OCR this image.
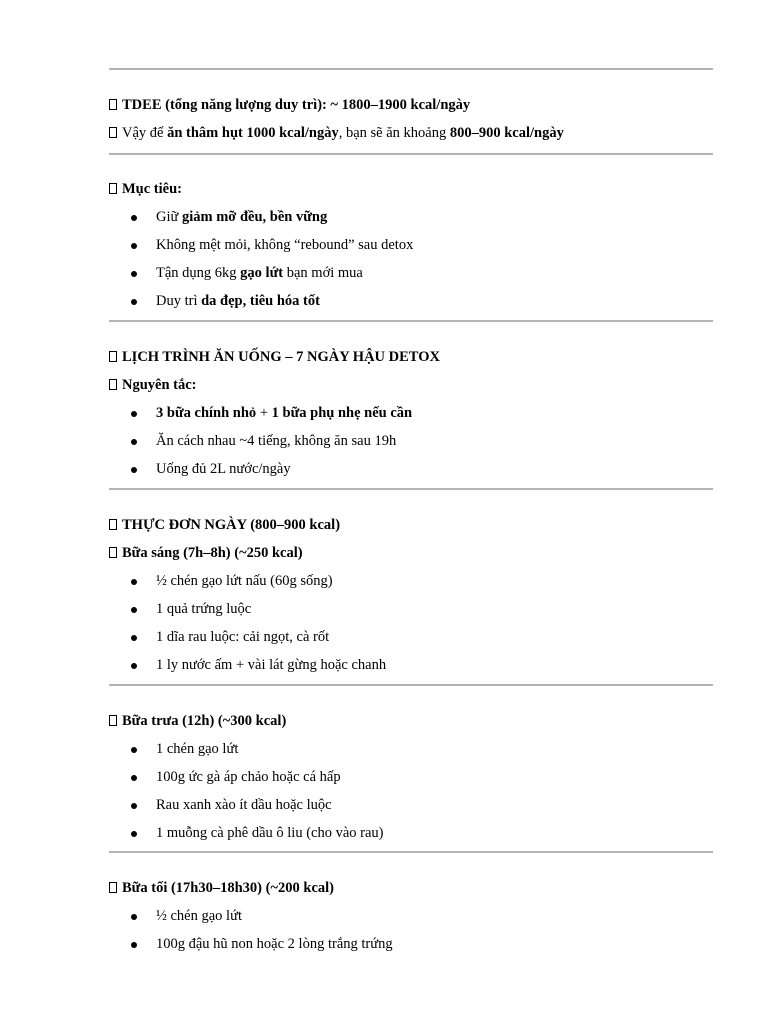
TDEE (tổng năng lượng duy trì): ~ 1800–1900 kcal/ngày
Vậy để ăn thâm hụt 1000 kcal/ngày, bạn sẽ ăn khoảng 800–900 kcal/ngày
Mục tiêu:
Giữ giảm mỡ đều, bền vững
Không mệt mỏi, không “rebound” sau detox
Tận dụng 6kg gạo lứt bạn mới mua
Duy trì da đẹp, tiêu hóa tốt
LỊCH TRÌNH ĂN UỐNG – 7 NGÀY HẬU DETOX
Nguyên tắc:
3 bữa chính nhỏ + 1 bữa phụ nhẹ nếu cần
Ăn cách nhau ~4 tiếng, không ăn sau 19h
Uống đủ 2L nước/ngày
THỰC ĐƠN NGÀY (800–900 kcal)
Bữa sáng (7h–8h) (~250 kcal)
½ chén gạo lứt nấu (60g sống)
1 quả trứng luộc
1 dĩa rau luộc: cải ngọt, cà rốt
1 ly nước ấm + vài lát gừng hoặc chanh
Bữa trưa (12h) (~300 kcal)
1 chén gạo lứt
100g ức gà áp chảo hoặc cá hấp
Rau xanh xào ít dầu hoặc luộc
1 muỗng cà phê dầu ô liu (cho vào rau)
Bữa tối (17h30–18h30) (~200 kcal)
½ chén gạo lứt
100g đậu hũ non hoặc 2 lòng trắng trứng
